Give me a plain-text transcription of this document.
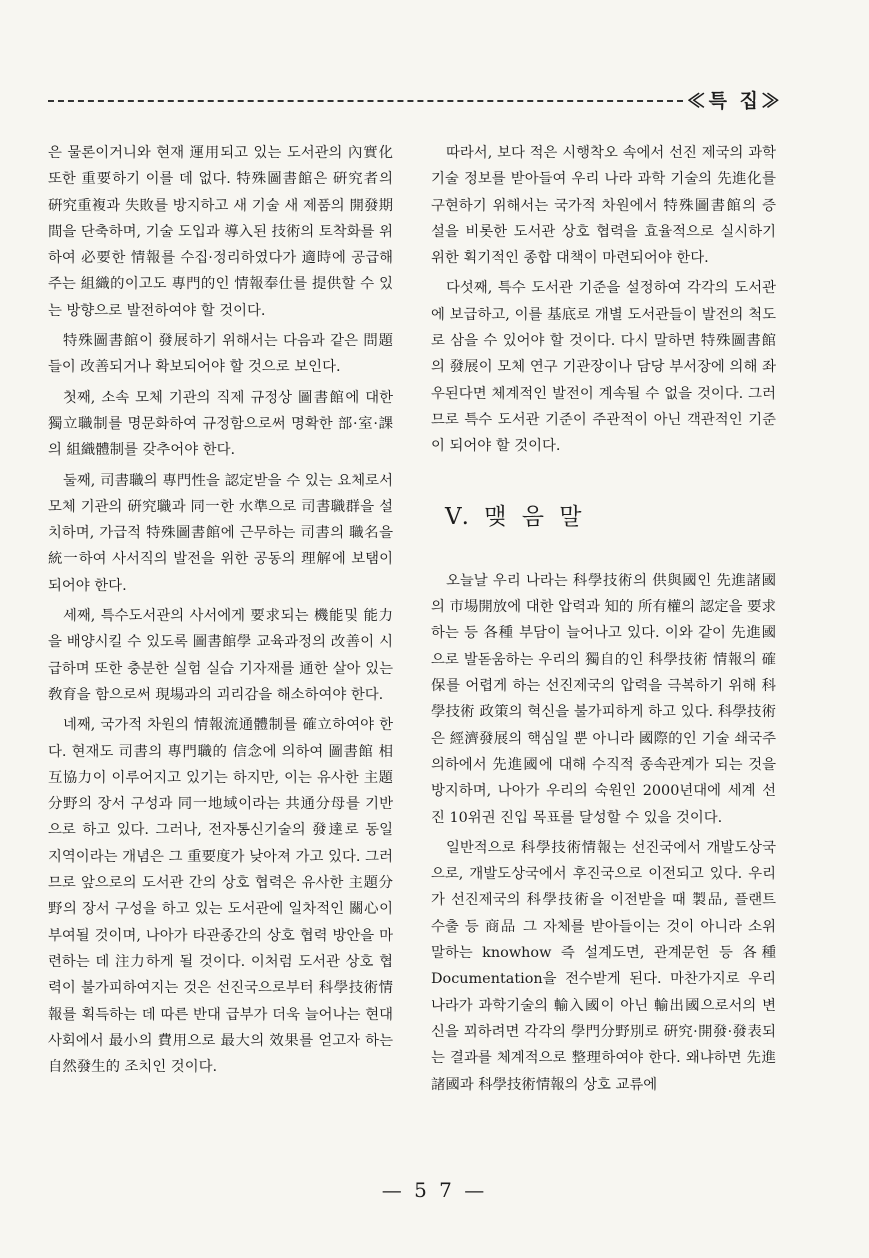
≪특 집≫

은 물론이거니와 현재 運用되고 있는 도서관의 內實化 또한 重要하기 이를 데 없다. 特殊圖書館은 硏究者의 硏究重複과 失敗를 방지하고 새 기술 새 제품의 開發期間을 단축하며, 기술 도입과 導入된 技術의 토착화를 위하여 必要한 情報를 수집·정리하였다가 適時에 공급해 주는 組織的이고도 專門的인 情報奉仕를 提供할 수 있는 방향으로 발전하여야 할 것이다.

特殊圖書館이 發展하기 위해서는 다음과 같은 問題들이 改善되거나 확보되어야 할 것으로 보인다.

첫째, 소속 모체 기관의 직제 규정상 圖書館에 대한 獨立職制를 명문화하여 규정함으로써 명확한 部·室·課의 組織體制를 갖추어야 한다.

둘째, 司書職의 專門性을 認定받을 수 있는 요체로서 모체 기관의 硏究職과 同一한 水準으로 司書職群을 설치하며, 가급적 特殊圖書館에 근무하는 司書의 職名을 統一하여 사서직의 발전을 위한 공동의 理解에 보탬이 되어야 한다.

세째, 특수도서관의 사서에게 要求되는 機能및 能力을 배양시킬 수 있도록 圖書館學 교육과정의 改善이 시급하며 또한 충분한 실험 실습 기자재를 通한 살아 있는 敎育을 함으로써 現場과의 괴리감을 해소하여야 한다.

네째, 국가적 차원의 情報流通體制를 確立하여야 한다. 현재도 司書의 專門職的 信念에 의하여 圖書館 相互協力이 이루어지고 있기는 하지만, 이는 유사한 主題分野의 장서 구성과 同一地域이라는 共通分母를 기반으로 하고 있다. 그러나, 전자통신기술의 發達로 동일 지역이라는 개념은 그 重要度가 낮아져 가고 있다. 그러므로 앞으로의 도서관 간의 상호 협력은 유사한 主題分野의 장서 구성을 하고 있는 도서관에 일차적인 關心이 부여될 것이며, 나아가 타관종간의 상호 협력 방안을 마련하는 데 注力하게 될 것이다. 이처럼 도서관 상호 협력이 불가피하여지는 것은 선진국으로부터 科學技術情報를 획득하는 데 따른 반대 급부가 더욱 늘어나는 현대 사회에서 最小의 費用으로 最大의 效果를 얻고자 하는 自然發生的 조치인 것이다.

따라서, 보다 적은 시행착오 속에서 선진 제국의 과학 기술 정보를 받아들여 우리 나라 과학 기술의 先進化를 구현하기 위해서는 국가적 차원에서 特殊圖書館의 증설을 비롯한 도서관 상호 협력을 효율적으로 실시하기 위한 획기적인 종합 대책이 마련되어야 한다.

다섯째, 특수 도서관 기준을 설정하여 각각의 도서관에 보급하고, 이를 基底로 개별 도서관들이 발전의 척도로 삼을 수 있어야 할 것이다. 다시 말하면 特殊圖書館의 發展이 모체 연구 기관장이나 담당 부서장에 의해 좌우된다면 체계적인 발전이 계속될 수 없을 것이다. 그러므로 특수 도서관 기준이 주관적이 아닌 객관적인 기준이 되어야 할 것이다.

V. 맺 음 말

오늘날 우리 나라는 科學技術의 供與國인 先進諸國의 市場開放에 대한 압력과 知的 所有權의 認定을 要求하는 등 各種 부담이 늘어나고 있다. 이와 같이 先進國으로 발돋움하는 우리의 獨自的인 科學技術 情報의 確保를 어렵게 하는 선진제국의 압력을 극복하기 위해 科學技術 政策의 혁신을 불가피하게 하고 있다. 科學技術은 經濟發展의 핵심일 뿐 아니라 國際的인 기술 쇄국주의하에서 先進國에 대해 수직적 종속관계가 되는 것을 방지하며, 나아가 우리의 숙원인 2000년대에 세계 선진 10위권 진입 목표를 달성할 수 있을 것이다.

일반적으로 科學技術情報는 선진국에서 개발도상국으로, 개발도상국에서 후진국으로 이전되고 있다. 우리가 선진제국의 科學技術을 이전받을 때 製品, 플랜트 수출 등 商品 그 자체를 받아들이는 것이 아니라 소위 말하는 knowhow 즉 설계도면, 관계문헌 등 各種 Documentation을 전수받게 된다. 마찬가지로 우리 나라가 과학기술의 輸入國이 아닌 輸出國으로서의 변신을 꾀하려면 각각의 學門分野別로 硏究·開發·發表되는 결과를 체계적으로 整理하여야 한다. 왜냐하면 先進諸國과 科學技術情報의 상호 교류에

— 5 7 —
